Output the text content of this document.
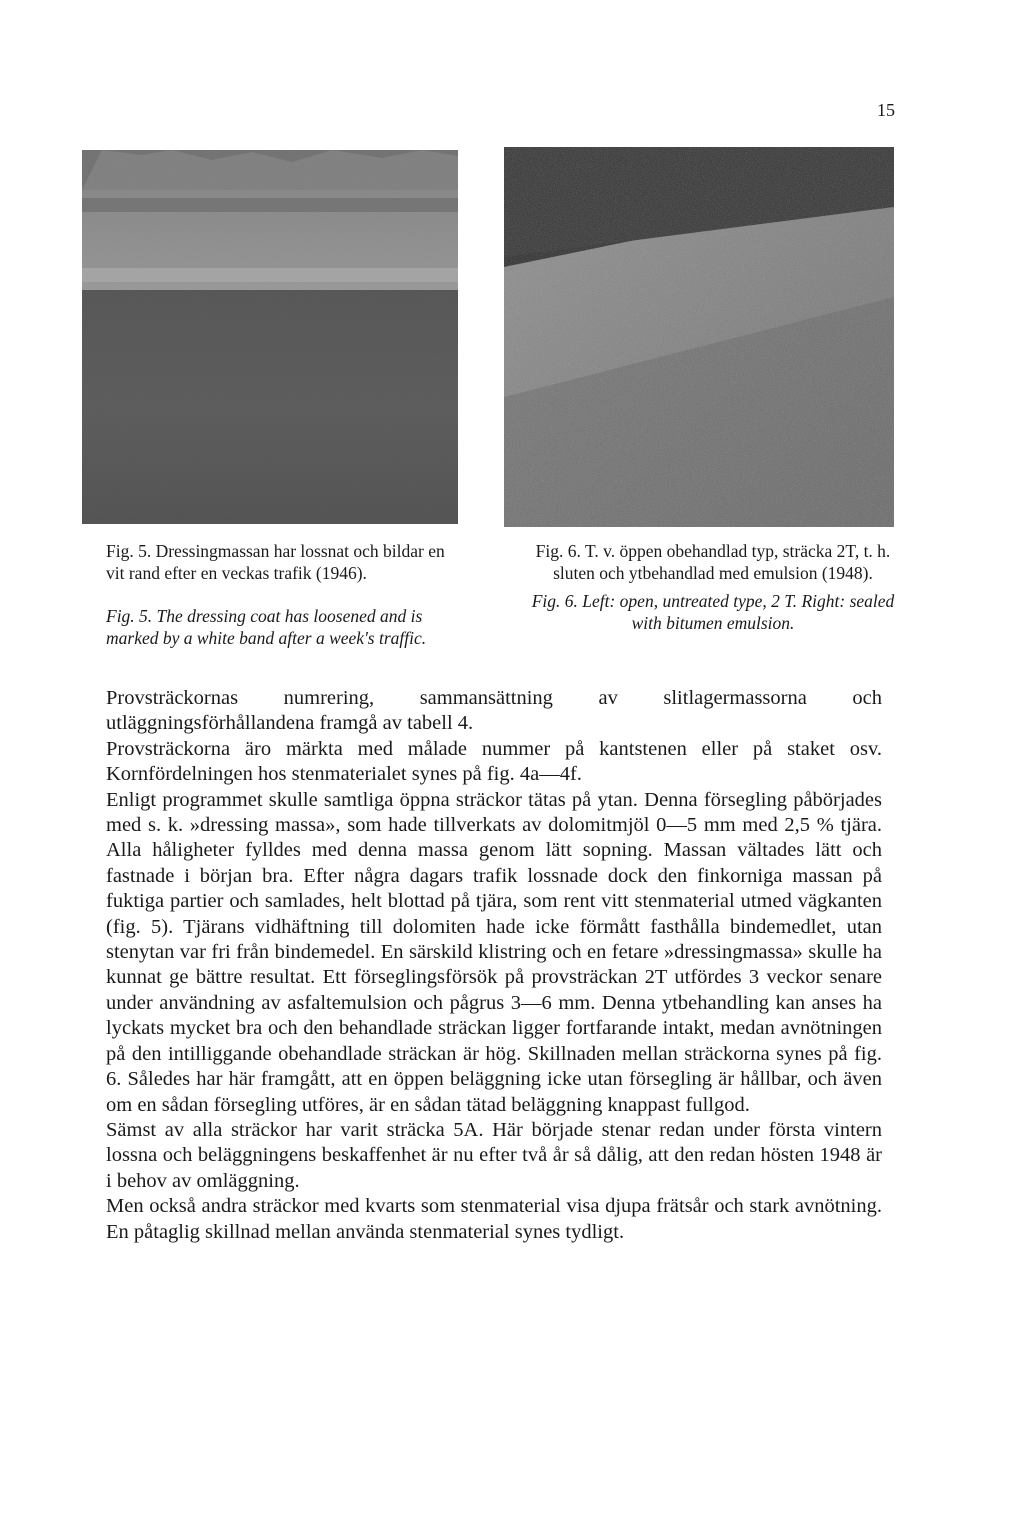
15

Fig. 5. Dressingmassan har lossnat och bildar en vit rand efter en veckas trafik (1946).

Fig. 5. The dressing coat has loosened and is marked by a white band after a week's traffic.

Fig. 6. T. v. öppen obehandlad typ, sträcka 2T, t. h. sluten och ytbehandlad med emulsion (1948).

Fig. 6. Left: open, untreated type, 2 T. Right: sealed with bitumen emulsion.

Provsträckornas numrering, sammansättning av slitlagermassorna och utläggningsförhållandena framgå av tabell 4.

Provsträckorna äro märkta med målade nummer på kantstenen eller på staket osv. Kornfördelningen hos stenmaterialet synes på fig. 4a—4f.

Enligt programmet skulle samtliga öppna sträckor tätas på ytan. Denna försegling påbörjades med s. k. »dressing massa», som hade tillverkats av dolomitmjöl 0—5 mm med 2,5 % tjära. Alla håligheter fylldes med denna massa genom lätt sopning. Massan vältades lätt och fastnade i början bra. Efter några dagars trafik lossnade dock den finkorniga massan på fuktiga partier och samlades, helt blottad på tjära, som rent vitt stenmaterial utmed vägkanten (fig. 5). Tjärans vidhäftning till dolomiten hade icke förmått fasthålla bindemedlet, utan stenytan var fri från bindemedel. En särskild klistring och en fetare »dressingmassa» skulle ha kunnat ge bättre resultat. Ett förseglingsförsök på provsträckan 2T utfördes 3 veckor senare under användning av asfaltemulsion och pågrus 3—6 mm. Denna ytbehandling kan anses ha lyckats mycket bra och den behandlade sträckan ligger fortfarande intakt, medan avnötningen på den intilliggande obehandlade sträckan är hög. Skillnaden mellan sträckorna synes på fig. 6. Således har här framgått, att en öppen beläggning icke utan försegling är hållbar, och även om en sådan försegling utföres, är en sådan tätad beläggning knappast fullgod.

Sämst av alla sträckor har varit sträcka 5A. Här började stenar redan under första vintern lossna och beläggningens beskaffenhet är nu efter två år så dålig, att den redan hösten 1948 är i behov av omläggning.

Men också andra sträckor med kvarts som stenmaterial visa djupa frätsår och stark avnötning. En påtaglig skillnad mellan använda stenmaterial synes tydligt.
